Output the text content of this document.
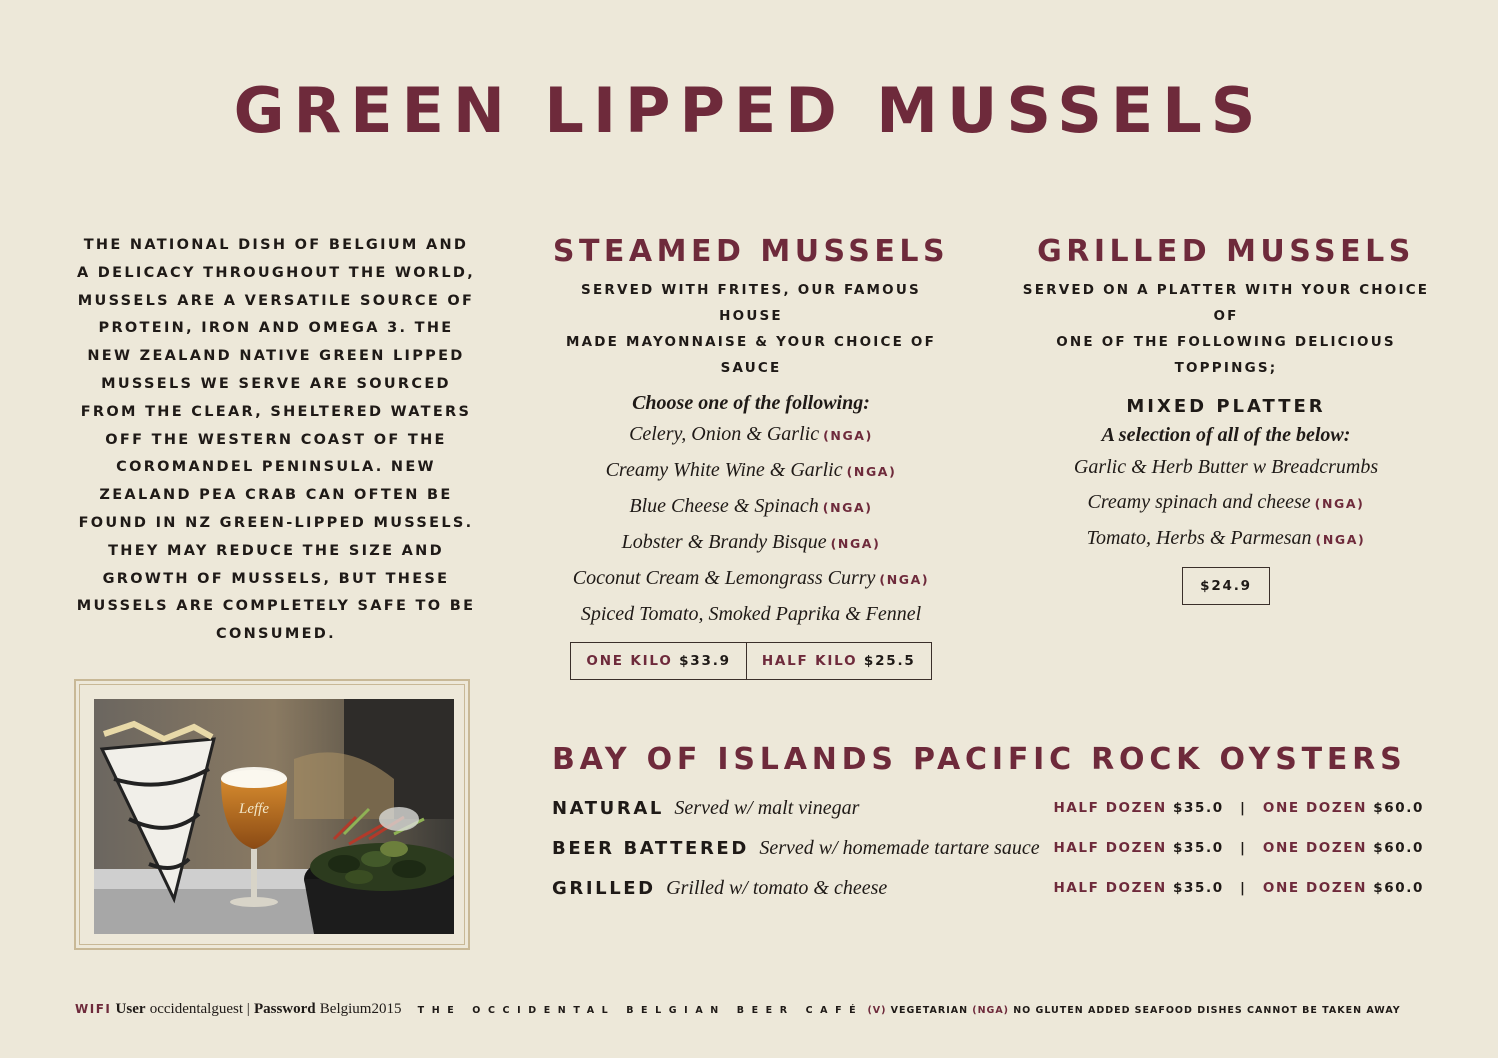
GREEN LIPPED MUSSELS
THE NATIONAL DISH OF BELGIUM AND A DELICACY THROUGHOUT THE WORLD, MUSSELS ARE A VERSATILE SOURCE OF PROTEIN, IRON AND OMEGA 3. THE NEW ZEALAND NATIVE GREEN LIPPED MUSSELS WE SERVE ARE SOURCED FROM THE CLEAR, SHELTERED WATERS OFF THE WESTERN COAST OF THE COROMANDEL PENINSULA. NEW ZEALAND PEA CRAB CAN OFTEN BE FOUND IN NZ GREEN-LIPPED MUSSELS. THEY MAY REDUCE THE SIZE AND GROWTH OF MUSSELS, BUT THESE MUSSELS ARE COMPLETELY SAFE TO BE CONSUMED.
STEAMED MUSSELS
SERVED WITH FRITES, OUR FAMOUS HOUSE
MADE MAYONNAISE & YOUR CHOICE OF SAUCE
Choose one of the following:
Celery, Onion & Garlic (NGA)
Creamy White Wine & Garlic (NGA)
Blue Cheese & Spinach (NGA)
Lobster & Brandy Bisque (NGA)
Coconut Cream & Lemongrass Curry (NGA)
Spiced Tomato, Smoked Paprika & Fennel
ONE KILO $33.9	HALF KILO $25.5
GRILLED MUSSELS
SERVED ON A PLATTER WITH YOUR CHOICE OF
ONE OF THE FOLLOWING DELICIOUS TOPPINGS;
MIXED PLATTER
A selection of all of the below:
Garlic & Herb Butter w Breadcrumbs
Creamy spinach and cheese (NGA)
Tomato, Herbs & Parmesan (NGA)
$24.9
Leffe
BAY OF ISLANDS PACIFIC ROCK OYSTERS
NATURAL Served w/ malt vinegar	HALF DOZEN $35.0 | ONE DOZEN $60.0
BEER BATTERED Served w/ homemade tartare sauce HALF DOZEN $35.0 | ONE DOZEN $60.0
GRILLED Grilled w/ tomato & cheese	HALF DOZEN $35.0 | ONE DOZEN $60.0
WIFI User occidentalguest | Password Belgium2015 THE OCCIDENTAL BELGIAN BEER CAFÉ (V) VEGETARIAN (NGA) NO GLUTEN ADDED SEAFOOD DISHES CANNOT BE TAKEN AWAY
